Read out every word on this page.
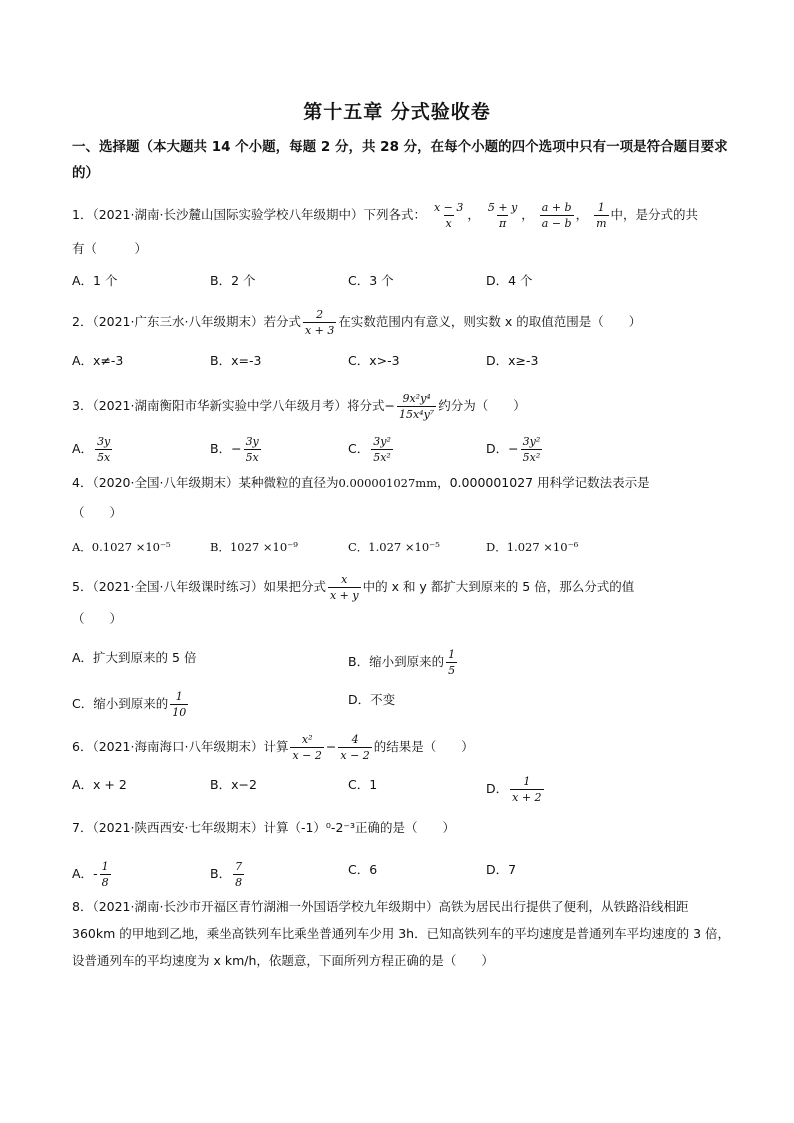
第十五章 分式验收卷
一、选择题（本大题共 14 个小题，每题 2 分，共 28 分，在每个小题的四个选项中只有一项是符合题目要求的）
1．（2021·湖南·长沙麓山国际实验学校八年级期中）下列各式： $\frac{x - 3}{x}$ ， $\frac{5 + y}{\pi}$ ， $\frac{a + b}{a - b}$ ， $\frac{1}{m}$ 中，是分式的共
有（　　　）
A．1 个	B．2 个	C．3 个	D．4 个
2．（2021·广东三水·八年级期末）若分式 $\frac{2}{x + 3}$ 在实数范围内有意义，则实数 x 的取值范围是（　　）
A．x≠-3	B．x=-3	C．x>-3	D．x≥-3
3．（2021·湖南衡阳市华新实验中学八年级月考）将分式− $\frac{\text{9x²y⁴}}{\text{15x⁴y⁷}}$ 约分为（　　）
A． $\frac{3y}{5x}$	B．− $\frac{3y}{5x}$	C． $\frac{\text{3y²}}{\text{5x²}}$	D．− $\frac{\text{3y²}}{\text{5x²}}$
4．（2020·全国·八年级期末）某种微粒的直径为0.000001027mm，0.000001027 用科学记数法表示是
（　　）
A．0.1027 ×10⁻⁵	B．1027 ×10⁻⁹	C．1.027 ×10⁻⁵	D．1.027 ×10⁻⁶
5．（2021·全国·八年级课时练习）如果把分式 $\frac{x}{x + y}$ 中的 x 和 y 都扩大到原来的 5 倍，那么分式的值
（　　）
A．扩大到原来的 5 倍	B．缩小到原来的 $\frac{1}{5}$
C．缩小到原来的 $\frac{1}{10}$	D．不变
6．（2021·海南海口·八年级期末）计算 $\frac{\text{x²}}{x - 2} - \frac{4}{x - 2}$ 的结果是（　　）
A．x + 2	B．x−2	C．1	D． $\frac{1}{x + 2}$
7．（2021·陕西西安·七年级期末）计算（-1）⁰-2⁻³正确的是（　　）
A．- $\frac{1}{8}$	B． $\frac{7}{8}$	C．6	D．7
8．（2021·湖南·长沙市开福区青竹湖湘一外国语学校九年级期中）高铁为居民出行提供了便利，从铁路沿线相距 360km 的甲地到乙地，乘坐高铁列车比乘坐普通列车少用 3h．已知高铁列车的平均速度是普通列车平均速度的 3 倍，设普通列车的平均速度为 x km/h，依题意，下面所列方程正确的是（　　）
